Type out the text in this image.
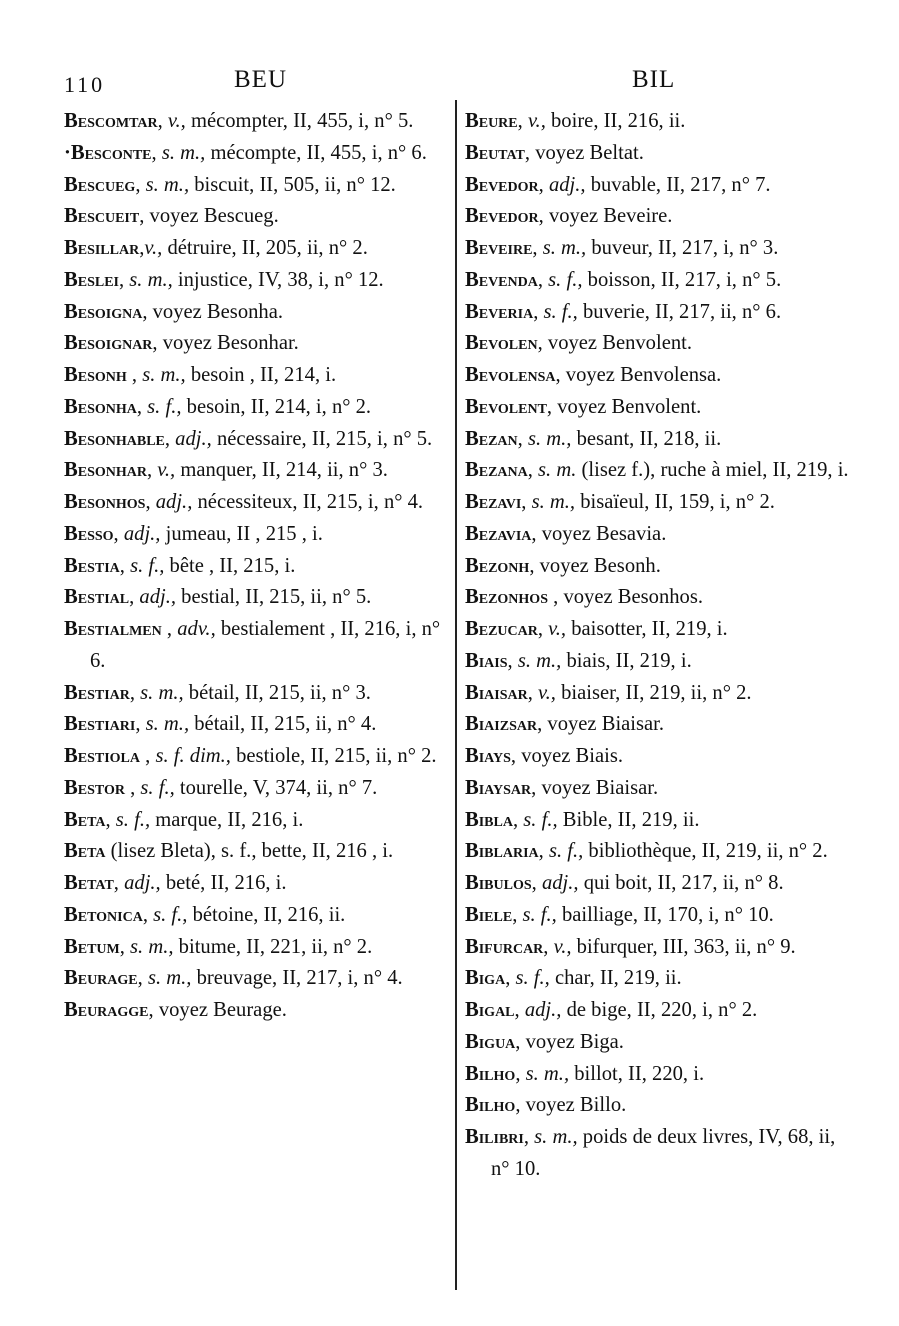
110	BEU	BIL
Bescomtar, v., mécompter, II, 455, i, n° 5.
·Besconte, s. m., mécompte, II, 455, i, n° 6.
Bescueg, s. m., biscuit, II, 505, ii, n° 12.
Bescueit, voyez Bescueg.
Besillar,v., détruire, II, 205, ii, n° 2.
Beslei, s. m., injustice, IV, 38, i, n° 12.
Besoigna, voyez Besonha.
Besoignar, voyez Besonhar.
Besonh , s. m., besoin , II, 214, i.
Besonha, s. f., besoin, II, 214, i, n° 2.
Besonhable, adj., nécessaire, II, 215, i, n° 5.
Besonhar, v., manquer, II, 214, ii, n° 3.
Besonhos, adj., nécessiteux, II, 215, i, n° 4.
Besso, adj., jumeau, II , 215 , i.
Bestia, s. f., bête , II, 215, i.
Bestial, adj., bestial, II, 215, ii, n° 5.
Bestialmen , adv., bestialement , II, 216, i, n° 6.
Bestiar, s. m., bétail, II, 215, ii, n° 3.
Bestiari, s. m., bétail, II, 215, ii, n° 4.
Bestiola , s. f. dim., bestiole, II, 215, ii, n° 2.
Bestor , s. f., tourelle, V, 374, ii, n° 7.
Beta, s. f., marque, II, 216, i.
Beta (lisez Bleta), s. f., bette, II, 216 , i.
Betat, adj., beté, II, 216, i.
Betonica, s. f., bétoine, II, 216, ii.
Betum, s. m., bitume, II, 221, ii, n° 2.
Beurage, s. m., breuvage, II, 217, i, n° 4.
Beuragge, voyez Beurage.
Beure, v., boire, II, 216, ii.
Beutat, voyez Beltat.
Bevedor, adj., buvable, II, 217, n° 7.
Bevedor, voyez Beveire.
Beveire, s. m., buveur, II, 217, i, n° 3.
Bevenda, s. f., boisson, II, 217, i, n° 5.
Beveria, s. f., buverie, II, 217, ii, n° 6.
Bevolen, voyez Benvolent.
Bevolensa, voyez Benvolensa.
Bevolent, voyez Benvolent.
Bezan, s. m., besant, II, 218, ii.
Bezana, s. m. (lisez f.), ruche à miel, II, 219, i.
Bezavi, s. m., bisaïeul, II, 159, i, n° 2.
Bezavia, voyez Besavia.
Bezonh, voyez Besonh.
Bezonhos , voyez Besonhos.
Bezucar, v., baisotter, II, 219, i.
Biais, s. m., biais, II, 219, i.
Biaisar, v., biaiser, II, 219, ii, n° 2.
Biaizsar, voyez Biaisar.
Biays, voyez Biais.
Biaysar, voyez Biaisar.
Bibla, s. f., Bible, II, 219, ii.
Biblaria, s. f., bibliothèque, II, 219, ii, n° 2.
Bibulos, adj., qui boit, II, 217, ii, n° 8.
Biele, s. f., bailliage, II, 170, i, n° 10.
Bifurcar, v., bifurquer, III, 363, ii, n° 9.
Biga, s. f., char, II, 219, ii.
Bigal, adj., de bige, II, 220, i, n° 2.
Bigua, voyez Biga.
Bilho, s. m., billot, II, 220, i.
Bilho, voyez Billo.
Bilibri, s. m., poids de deux livres, IV, 68, ii, n° 10.
